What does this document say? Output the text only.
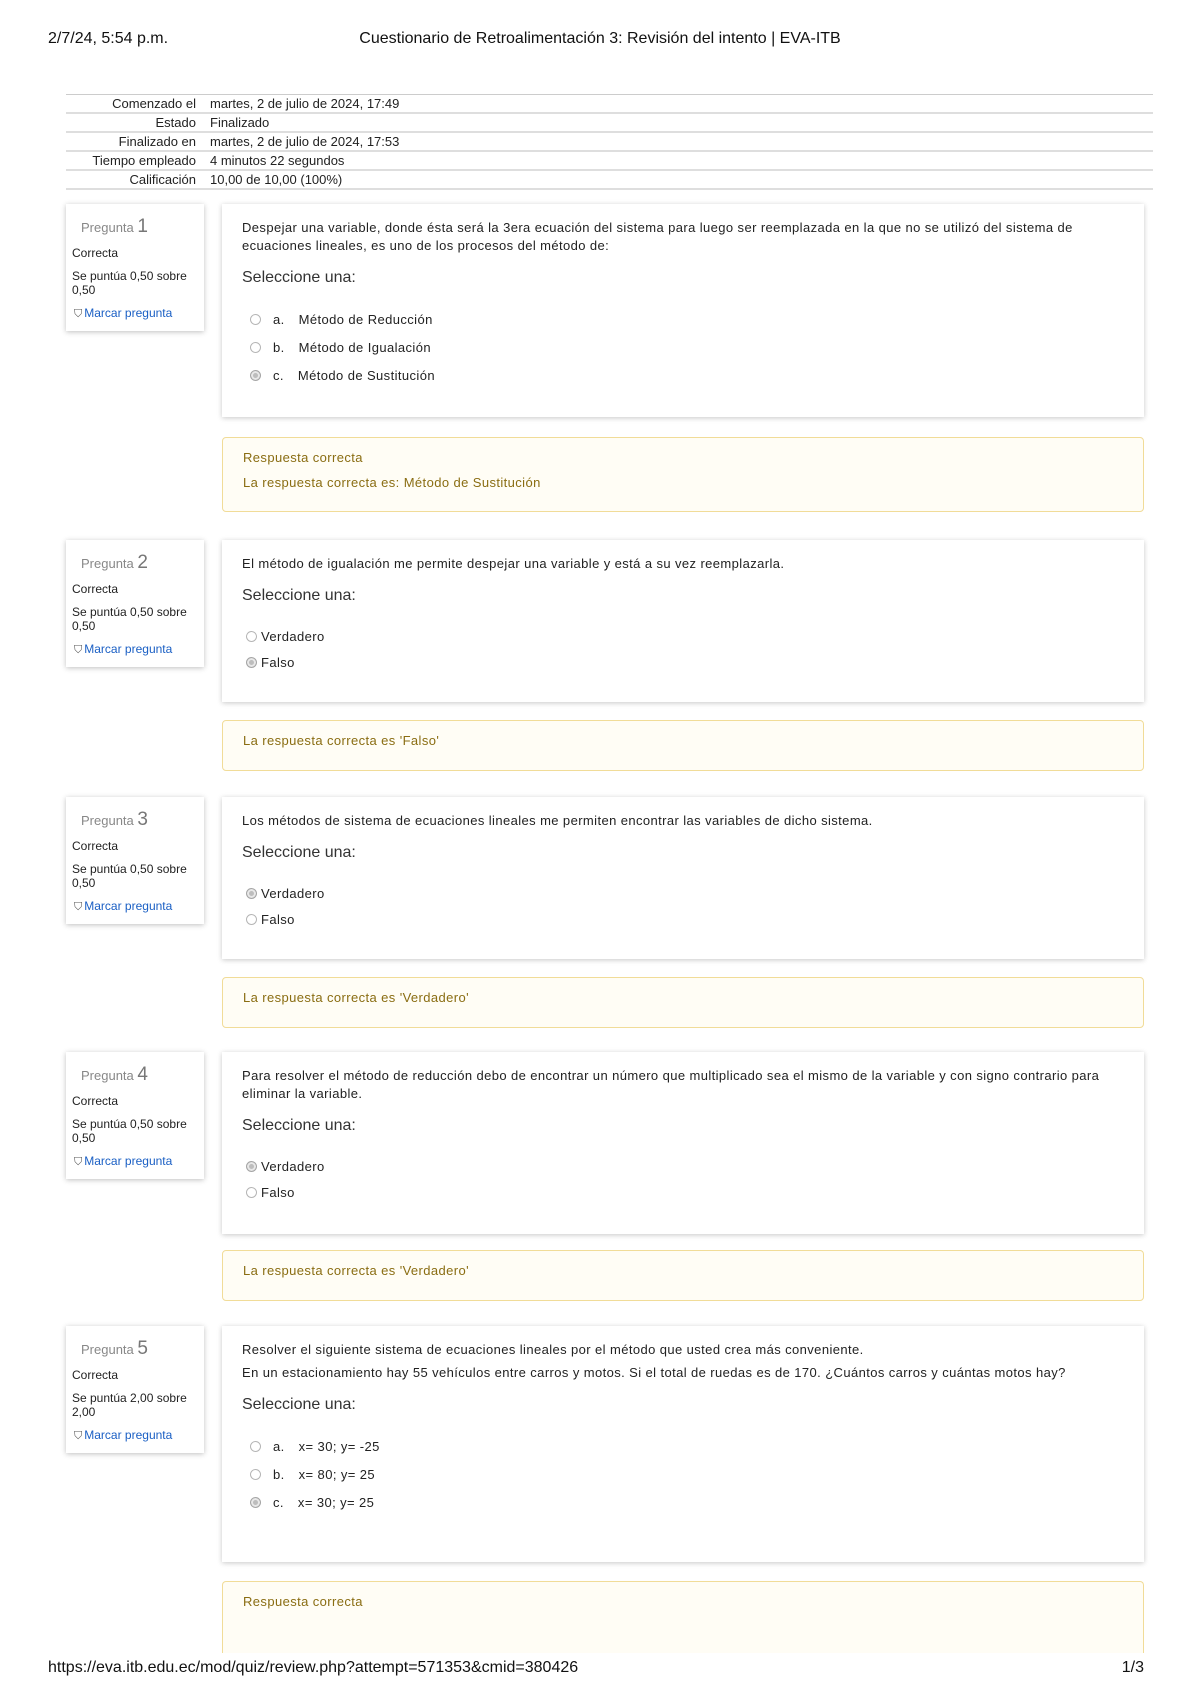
2/7/24, 5:54 p.m.	Cuestionario de Retroalimentación 3: Revisión del intento | EVA-ITB
Comenzado el	martes, 2 de julio de 2024, 17:49
Estado	Finalizado
Finalizado en	martes, 2 de julio de 2024, 17:53
Tiempo empleado	4 minutos 22 segundos
Calificación	10,00 de 10,00 (100%)
Pregunta 1
Correcta
Se puntúa 0,50 sobre 0,50
⛉ Marcar pregunta

Despejar una variable, donde ésta será la 3era ecuación del sistema para luego ser reemplazada en la que no se utilizó del sistema de ecuaciones lineales, es uno de los procesos del método de:

Seleccione una:
a. Método de Reducción
b. Método de Igualación
c. Método de Sustitución
Respuesta correcta
La respuesta correcta es: Método de Sustitución
Pregunta 2
Correcta
Se puntúa 0,50 sobre 0,50
⛉ Marcar pregunta

El método de igualación me permite despejar una variable y está a su vez reemplazarla.

Seleccione una:
Verdadero
Falso
La respuesta correcta es 'Falso'
Pregunta 3
Correcta
Se puntúa 0,50 sobre 0,50
⛉ Marcar pregunta

Los métodos de sistema de ecuaciones lineales me permiten encontrar las variables de dicho sistema.

Seleccione una:
Verdadero
Falso
La respuesta correcta es 'Verdadero'
Pregunta 4
Correcta
Se puntúa 0,50 sobre 0,50
⛉ Marcar pregunta

Para resolver el método de reducción debo de encontrar un número que multiplicado sea el mismo de la variable y con signo contrario para eliminar la variable.

Seleccione una:
Verdadero
Falso
La respuesta correcta es 'Verdadero'
Pregunta 5
Correcta
Se puntúa 2,00 sobre 2,00
⛉ Marcar pregunta

Resolver el siguiente sistema de ecuaciones lineales por el método que usted crea más conveniente.

En un estacionamiento hay 55 vehículos entre carros y motos. Si el total de ruedas es de 170. ¿Cuántos carros y cuántas motos hay?

Seleccione una:
a. x= 30; y= -25
b. x= 80; y= 25
c. x= 30; y= 25
Respuesta correcta
https://eva.itb.edu.ec/mod/quiz/review.php?attempt=571353&cmid=380426	1/3
